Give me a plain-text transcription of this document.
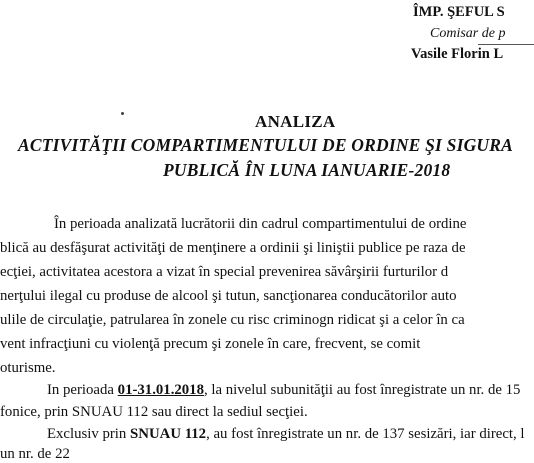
ÎMP. ŞEFUL S
Comisar de p
Vasile Florin L
ANALIZA
ACTIVITĂŢII COMPARTIMENTULUI DE ORDINE ŞI SIGURA
PUBLICĂ ÎN LUNA IANUARIE-2018
În perioada analizată lucrătorii din cadrul compartimentului de ordine
blică au desfăşurat activităţi de menţinere a ordinii şi liniştii publice pe raza de
ecţiei, activitatea acestora a vizat în special prevenirea săvârşirii furturilor d
nerţului ilegal cu produse de alcool şi tutun, sancţionarea conducătorilor auto
ulile de circulaţie, patrularea în zonele cu risc criminogn ridicat şi a celor în ca
vent infracţiuni cu violenţă precum şi zonele în care, frecvent, se comit
oturisme.
In perioada 01-31.01.2018, la nivelul subunităţii au fost înregistrate un nr. de 15
fonice, prin SNUAU 112 sau direct la sediul secţiei.
Exclusiv prin SNUAU 112, au fost înregistrate un nr. de 137 sesizări, iar direct, l
un nr. de 22
